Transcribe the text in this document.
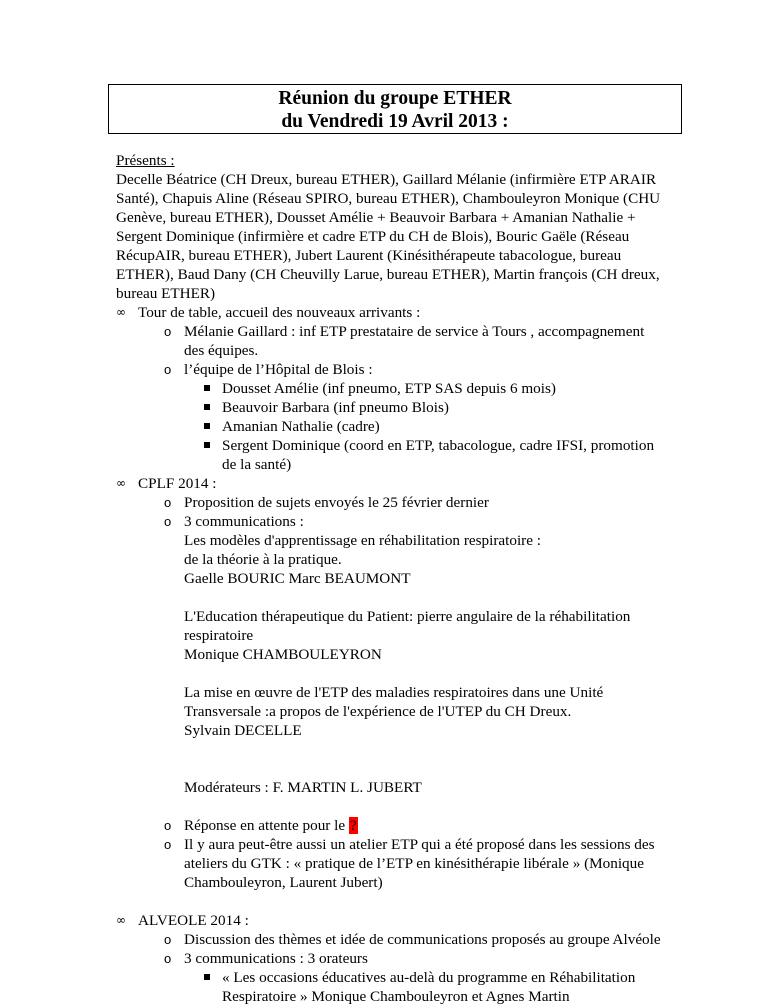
Réunion du groupe ETHER
du Vendredi 19 Avril 2013 :
Présents :
Decelle Béatrice (CH Dreux, bureau ETHER), Gaillard Mélanie (infirmière ETP ARAIR
Santé), Chapuis Aline (Réseau SPIRO, bureau ETHER), Chambouleyron Monique (CHU
Genève, bureau ETHER), Dousset Amélie + Beauvoir Barbara + Amanian Nathalie +
Sergent Dominique (infirmière et cadre ETP du CH de Blois), Bouric Gaële (Réseau
RécupAIR, bureau ETHER), Jubert Laurent (Kinésithérapeute tabacologue, bureau
ETHER), Baud Dany (CH Cheuvilly Larue, bureau ETHER), Martin françois (CH dreux,
bureau ETHER)
∞ Tour de table, accueil des nouveaux arrivants :
o Mélanie Gaillard : inf ETP prestataire de service à Tours , accompagnement
des équipes.
o l’équipe de l’Hôpital de Blois :
Dousset Amélie (inf pneumo, ETP SAS depuis 6 mois)
Beauvoir Barbara (inf pneumo Blois)
Amanian Nathalie (cadre)
Sergent Dominique (coord en ETP, tabacologue, cadre IFSI, promotion
de la santé)
∞ CPLF 2014 :
o Proposition de sujets envoyés le 25 février dernier
o 3 communications :
Les modèles d'apprentissage en réhabilitation respiratoire :
de la théorie à la pratique.
Gaelle BOURIC Marc BEAUMONT
L'Education thérapeutique du Patient: pierre angulaire de la réhabilitation
respiratoire
Monique CHAMBOULEYRON
La mise en œuvre de l'ETP des maladies respiratoires dans une Unité
Transversale :a propos de l'expérience de l'UTEP du CH Dreux.
Sylvain DECELLE
Modérateurs : F. MARTIN L. JUBERT
o Réponse en attente pour le ?
o Il y aura peut-être aussi un atelier ETP qui a été proposé dans les sessions des
ateliers du GTK : « pratique de l’ETP en kinésithérapie libérale » (Monique
Chambouleyron, Laurent Jubert)
∞ ALVEOLE 2014 :
o Discussion des thèmes et idée de communications proposés au groupe Alvéole
o 3 communications : 3 orateurs
« Les occasions éducatives au-delà du programme en Réhabilitation
Respiratoire » Monique Chambouleyron et Agnes Martin
